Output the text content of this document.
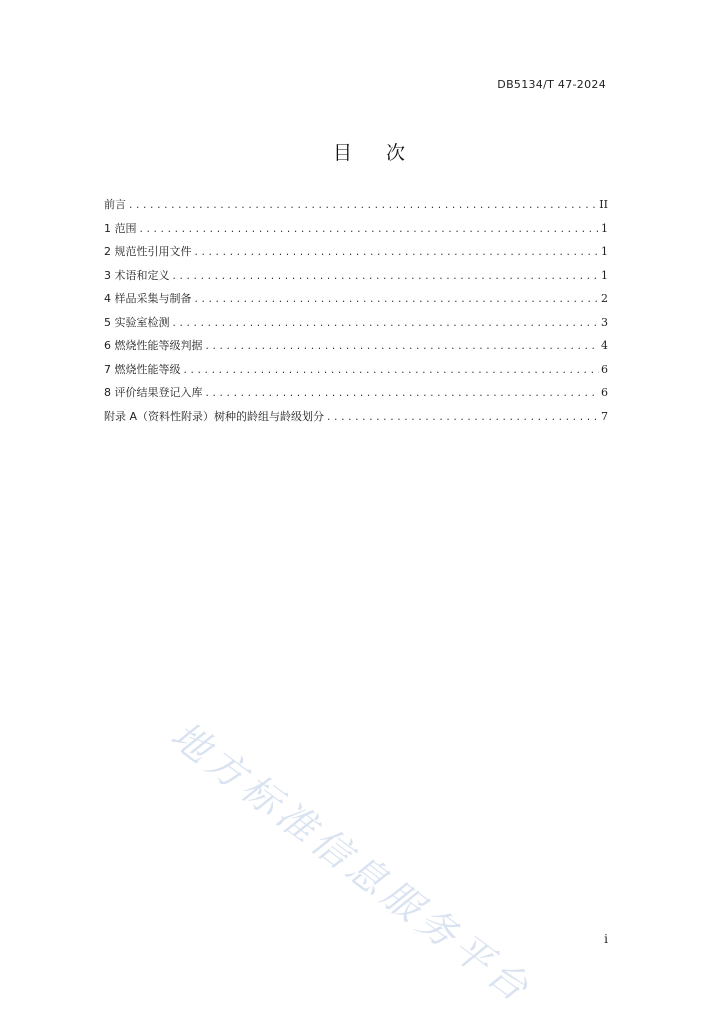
DB5134/T 47-2024
目 次
前言 .....	II
1 范围 .....	1
2 规范性引用文件 .....	1
3 术语和定义 .....	1
4 样品采集与制备 .....	2
5 实验室检测 .....	3
6 燃烧性能等级判据 .....	4
7 燃烧性能等级 .....	6
8 评价结果登记入库 .....	6
附录 A（资料性附录）树种的龄组与龄级划分 .....	7
地方标准信息服务平台	i
